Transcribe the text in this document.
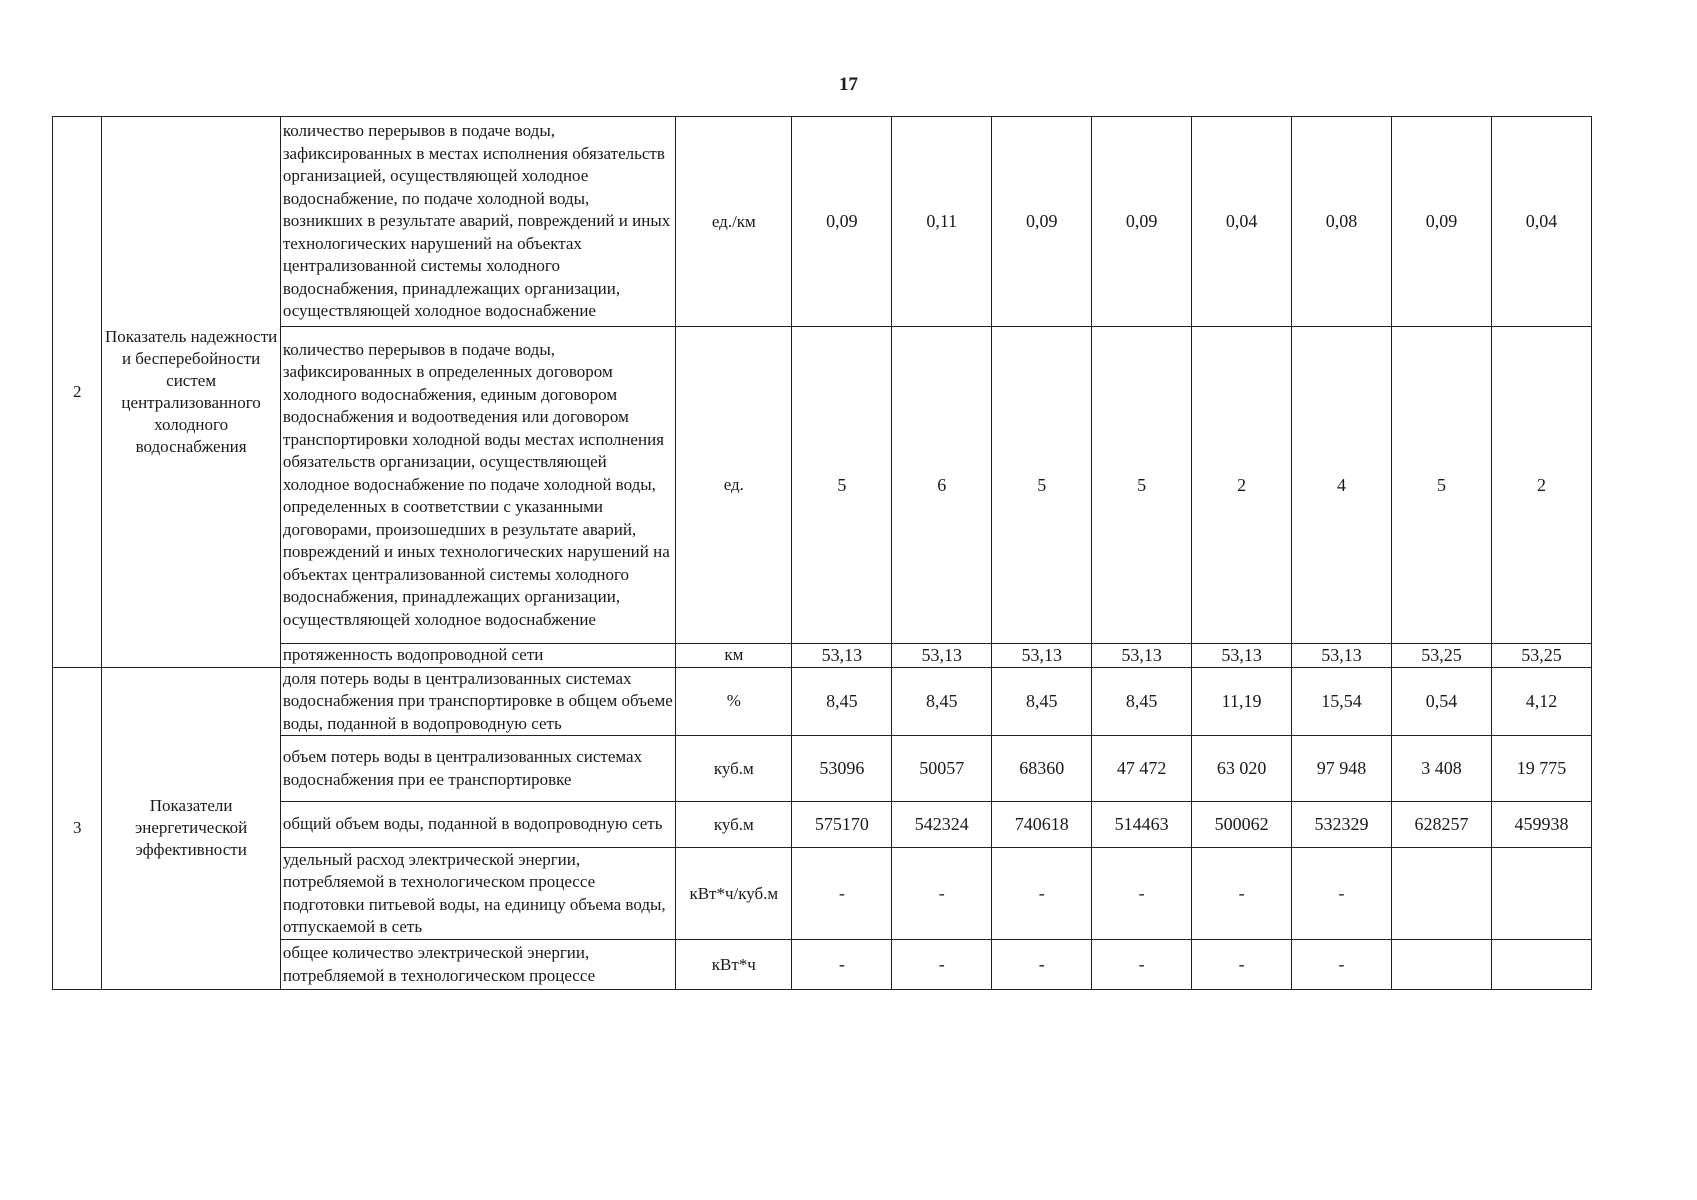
17
2	Показатель надежности и бесперебойности систем централизованного холодного водоснабжения	количество перерывов в подаче воды, зафиксированных в местах исполнения обязательств организацией, осуществляющей холодное водоснабжение, по подаче холодной воды, возникших в результате аварий, повреждений и иных технологических нарушений на объектах централизованной системы холодного водоснабжения, принадлежащих организации, осуществляющей холодное водоснабжение	ед./км	0,09	0,11	0,09	0,09	0,04	0,08	0,09	0,04
		количество перерывов в подаче воды, зафиксированных в определенных договором холодного водоснабжения, единым договором водоснабжения и водоотведения или договором транспортировки холодной воды местах исполнения обязательств организации, осуществляющей холодное водоснабжение по подаче холодной воды, определенных в соответствии с указанными договорами, произошедших в результате аварий, повреждений и иных технологических нарушений на объектах централизованной системы холодного водоснабжения, принадлежащих организации, осуществляющей холодное водоснабжение	ед.	5	6	5	5	2	4	5	2
		протяженность водопроводной сети	км	53,13	53,13	53,13	53,13	53,13	53,13	53,25	53,25
3	Показатели энергетической эффективности	доля потерь воды в централизованных системах водоснабжения при транспортировке в общем объеме воды, поданной в водопроводную сеть	%	8,45	8,45	8,45	8,45	11,19	15,54	0,54	4,12
		объем потерь воды в централизованных системах водоснабжения при ее транспортировке	куб.м	53096	50057	68360	47 472	63 020	97 948	3 408	19 775
		общий объем воды, поданной в водопроводную сеть	куб.м	575170	542324	740618	514463	500062	532329	628257	459938
		удельный расход электрической энергии, потребляемой в технологическом процессе подготовки питьевой воды, на единицу объема воды, отпускаемой в сеть	кВт*ч/куб.м	-	-	-	-	-	-		
		общее количество электрической энергии, потребляемой в технологическом процессе	кВт*ч	-	-	-	-	-	-		
